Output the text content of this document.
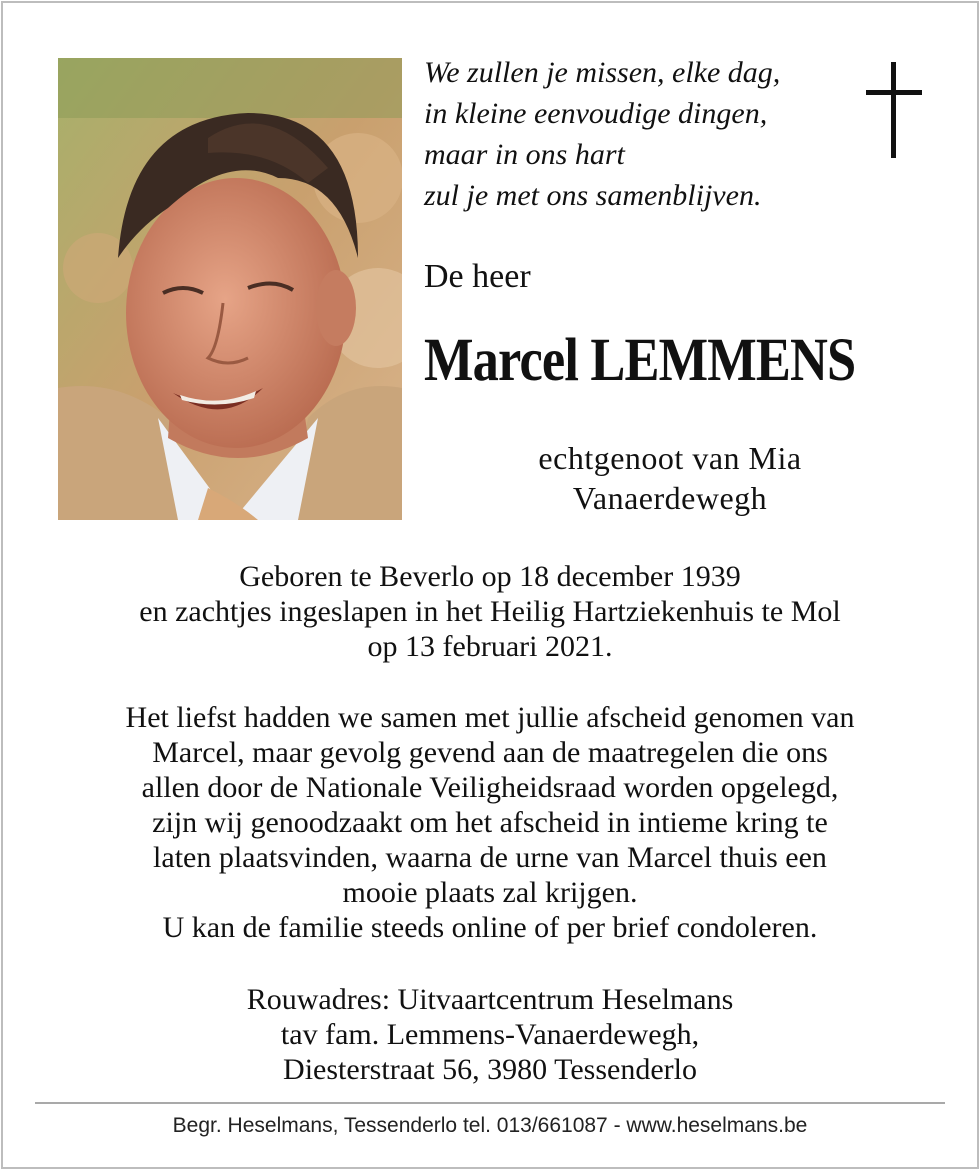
We zullen je missen, elke dag,
in kleine eenvoudige dingen,
maar in ons hart
zul je met ons samenblijven.
De heer
Marcel LEMMENS
echtgenoot van Mia
Vanaerdewegh
Geboren te Beverlo op 18 december 1939
en zachtjes ingeslapen in het Heilig Hartziekenhuis te Mol
op 13 februari 2021.
Het liefst hadden we samen met jullie afscheid genomen van
Marcel, maar gevolg gevend aan de maatregelen die ons
allen door de Nationale Veiligheidsraad worden opgelegd,
zijn wij genoodzaakt om het afscheid in intieme kring te
laten plaatsvinden, waarna de urne van Marcel thuis een
mooie plaats zal krijgen.
U kan de familie steeds online of per brief condoleren.
Rouwadres: Uitvaartcentrum Heselmans
tav fam. Lemmens-Vanaerdewegh,
Diesterstraat 56, 3980 Tessenderlo
Begr. Heselmans, Tessenderlo tel. 013/661087 - www.heselmans.be
